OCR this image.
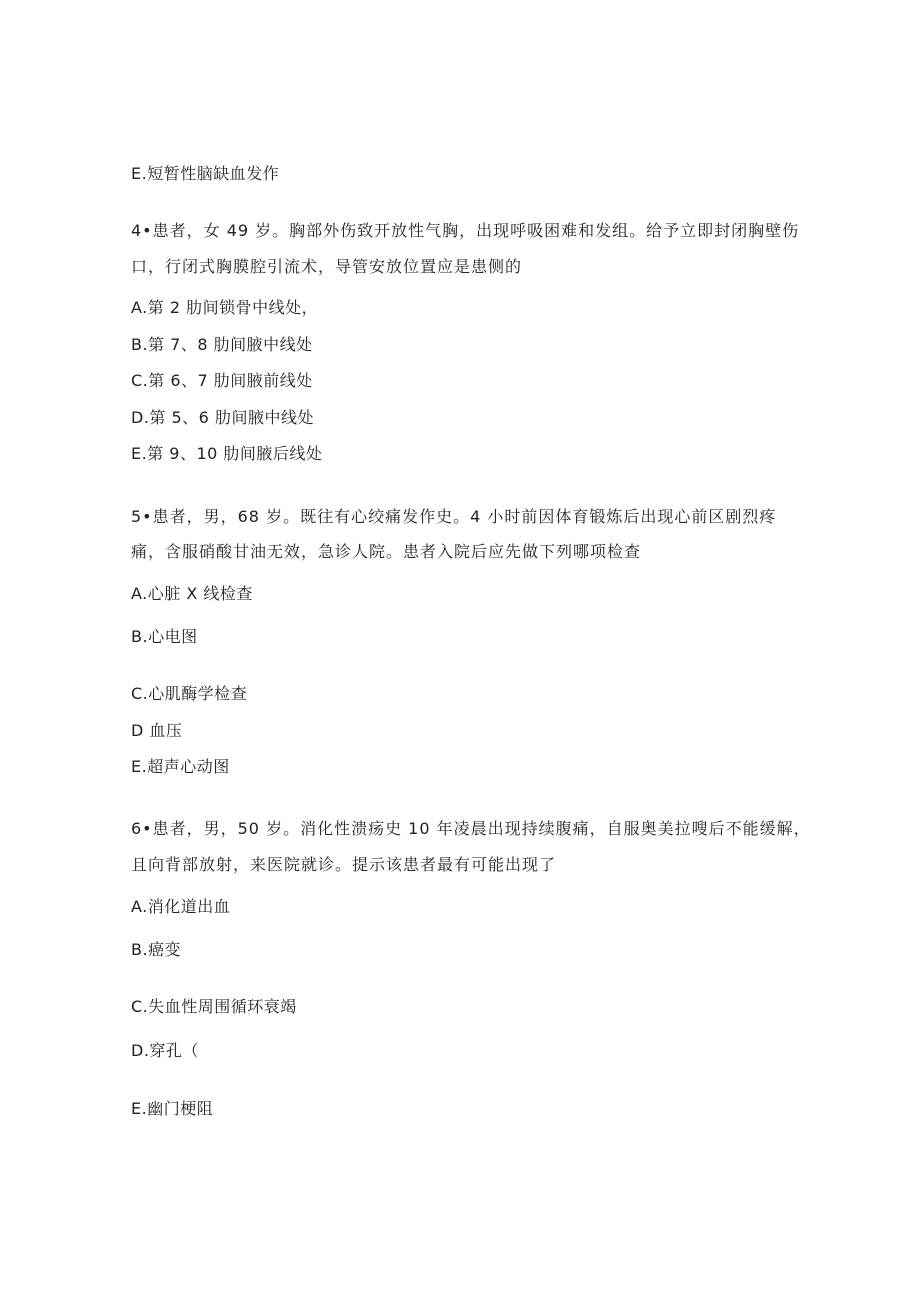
E.短暂性脑缺血发作
4•患者，女 49 岁。胸部外伤致开放性气胸，出现呼吸困难和发组。给予立即封闭胸壁伤
口，行闭式胸膜腔引流术，导管安放位置应是患侧的
A.第 2 肋间锁骨中线处，
B.第 7、8 肋间腋中线处
C.第 6、7 肋间腋前线处
D.第 5、6 肋间腋中线处
E.第 9、10 肋间腋后线处
5•患者，男，68 岁。既往有心绞痛发作史。4 小时前因体育锻炼后出现心前区剧烈疼
痛，含服硝酸甘油无效，急诊人院。患者入院后应先做下列哪项检查
A.心脏 X 线检查
B.心电图
C.心肌酶学检查
D 血压
E.超声心动图
6•患者，男，50 岁。消化性溃疡史 10 年凌晨出现持续腹痛，自服奥美拉嗖后不能缓解，
且向背部放射，来医院就诊。提示该患者最有可能出现了
A.消化道出血
B.癌变
C.失血性周围循环衰竭
D.穿孔（
E.幽门梗阻
